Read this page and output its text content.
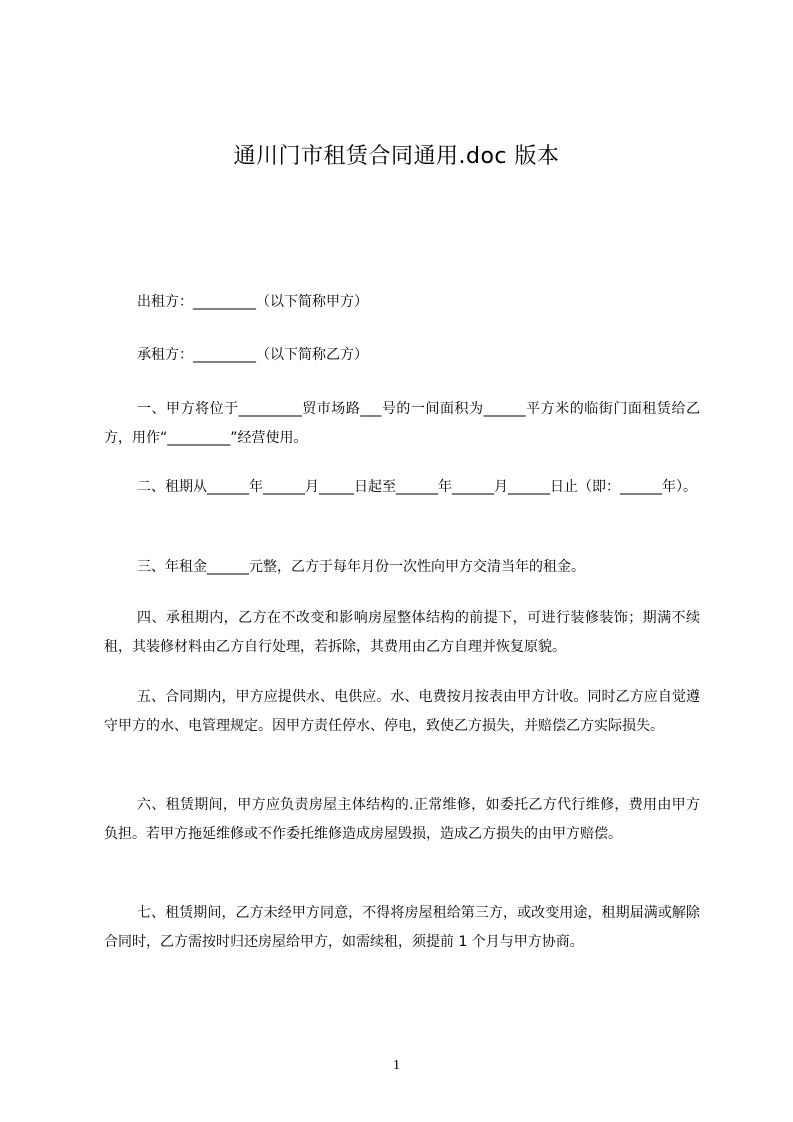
通川门市租赁合同通用.doc 版本
出租方：_________（以下简称甲方）
承租方：_________（以下简称乙方）
一、甲方将位于_________贸市场路___号的一间面积为______平方米的临街门面租赁给乙方，用作“_________”经营使用。
二、租期从______年______月_____日起至______年______月______日止（即：______年）。
三、年租金______元整，乙方于每年月份一次性向甲方交清当年的租金。
四、承租期内，乙方在不改变和影响房屋整体结构的前提下，可进行装修装饰；期满不续租，其装修材料由乙方自行处理，若拆除，其费用由乙方自理并恢复原貌。
五、合同期内，甲方应提供水、电供应。水、电费按月按表由甲方计收。同时乙方应自觉遵守甲方的水、电管理规定。因甲方责任停水、停电，致使乙方损失，并赔偿乙方实际损失。
六、租赁期间，甲方应负责房屋主体结构的.正常维修，如委托乙方代行维修，费用由甲方负担。若甲方拖延维修或不作委托维修造成房屋毁损，造成乙方损失的由甲方赔偿。
七、租赁期间，乙方未经甲方同意，不得将房屋租给第三方，或改变用途，租期届满或解除合同时，乙方需按时归还房屋给甲方，如需续租，须提前 1 个月与甲方协商。
1
